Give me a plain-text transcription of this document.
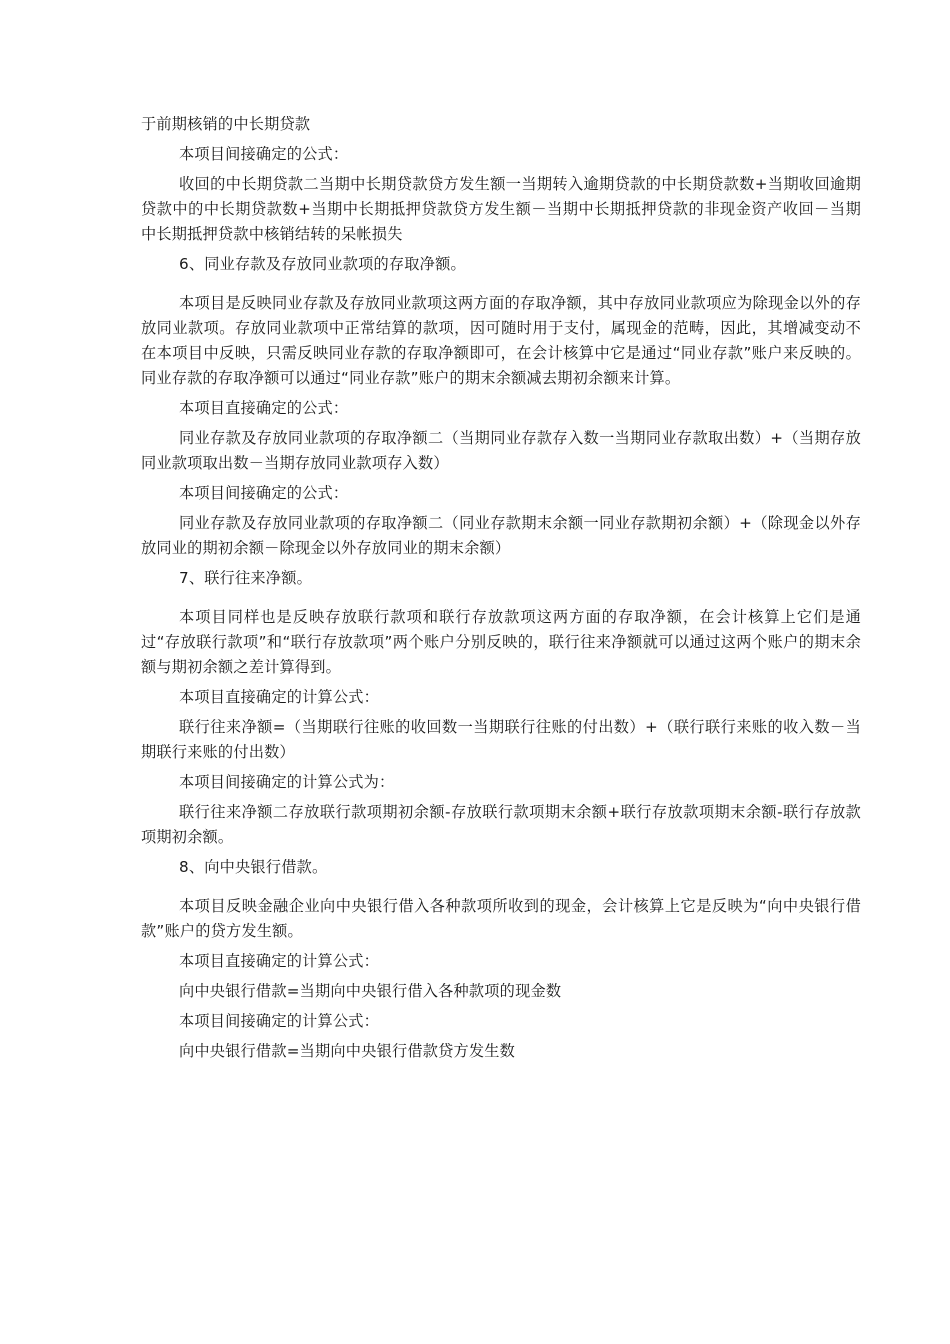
于前期核销的中长期贷款

本项目间接确定的公式：

收回的中长期贷款二当期中长期贷款贷方发生额一当期转入逾期贷款的中长期贷款数+当期收回逾期贷款中的中长期贷款数+当期中长期抵押贷款贷方发生额－当期中长期抵押贷款的非现金资产收回－当期中长期抵押贷款中核销结转的呆帐损失

6、同业存款及存放同业款项的存取净额。

本项目是反映同业存款及存放同业款项这两方面的存取净额，其中存放同业款项应为除现金以外的存放同业款项。存放同业款项中正常结算的款项，因可随时用于支付，属现金的范畴，因此，其增减变动不在本项目中反映，只需反映同业存款的存取净额即可，在会计核算中它是通过“同业存款”账户来反映的。同业存款的存取净额可以通过“同业存款”账户的期末余额减去期初余额来计算。

本项目直接确定的公式：

同业存款及存放同业款项的存取净额二（当期同业存款存入数一当期同业存款取出数）+（当期存放同业款项取出数－当期存放同业款项存入数）

本项目间接确定的公式：

同业存款及存放同业款项的存取净额二（同业存款期末余额一同业存款期初余额）+（除现金以外存放同业的期初余额－除现金以外存放同业的期末余额）

7、联行往来净额。

本项目同样也是反映存放联行款项和联行存放款项这两方面的存取净额，在会计核算上它们是通过“存放联行款项”和“联行存放款项”两个账户分别反映的，联行往来净额就可以通过这两个账户的期末余额与期初余额之差计算得到。

本项目直接确定的计算公式：

联行往来净额=（当期联行往账的收回数一当期联行往账的付出数）+（联行联行来账的收入数－当期联行来账的付出数）

本项目间接确定的计算公式为：

联行往来净额二存放联行款项期初余额-存放联行款项期末余额+联行存放款项期末余额-联行存放款项期初余额。

8、向中央银行借款。

本项目反映金融企业向中央银行借入各种款项所收到的现金，会计核算上它是反映为“向中央银行借款”账户的贷方发生额。

本项目直接确定的计算公式：

向中央银行借款=当期向中央银行借入各种款项的现金数

本项目间接确定的计算公式：

向中央银行借款=当期向中央银行借款贷方发生数
